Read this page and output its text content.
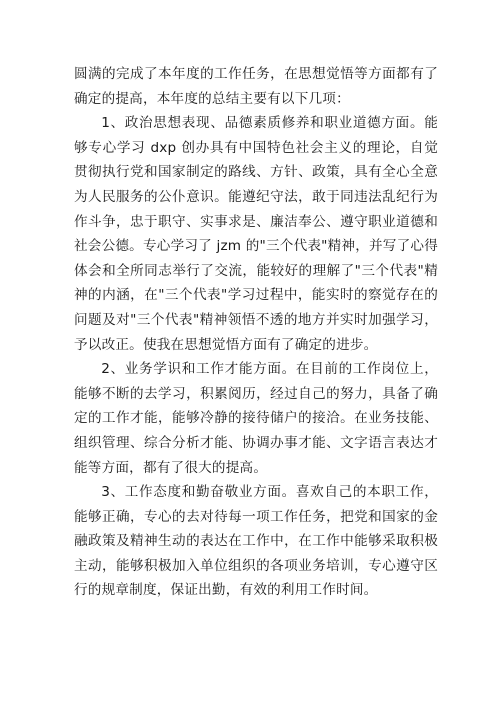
圆满的完成了本年度的工作任务，在思想觉悟等方面都有了确定的提高，本年度的总结主要有以下几项：

1、政治思想表现、品德素质修养和职业道德方面。能够专心学习 dxp 创办具有中国特色社会主义的理论，自觉贯彻执行党和国家制定的路线、方针、政策，具有全心全意为人民服务的公仆意识。能遵纪守法，敢于同违法乱纪行为作斗争，忠于职守、实事求是、廉洁奉公、遵守职业道德和社会公德。专心学习了 jzm 的"三个代表"精神，并写了心得体会和全所同志举行了交流，能较好的理解了"三个代表"精神的内涵，在"三个代表"学习过程中，能实时的察觉存在的问题及对"三个代表"精神领悟不透的地方并实时加强学习，予以改正。使我在思想觉悟方面有了确定的进步。

2、业务学识和工作才能方面。在目前的工作岗位上，能够不断的去学习，积累阅历，经过自己的努力，具备了确定的工作才能，能够冷静的接待储户的接洽。在业务技能、组织管理、综合分析才能、协调办事才能、文字语言表达才能等方面，都有了很大的提高。

3、工作态度和勤奋敬业方面。喜欢自己的本职工作，能够正确，专心的去对待每一项工作任务，把党和国家的金融政策及精神生动的表达在工作中，在工作中能够采取积极主动，能够积极加入单位组织的各项业务培训，专心遵守区行的规章制度，保证出勤，有效的利用工作时间。
